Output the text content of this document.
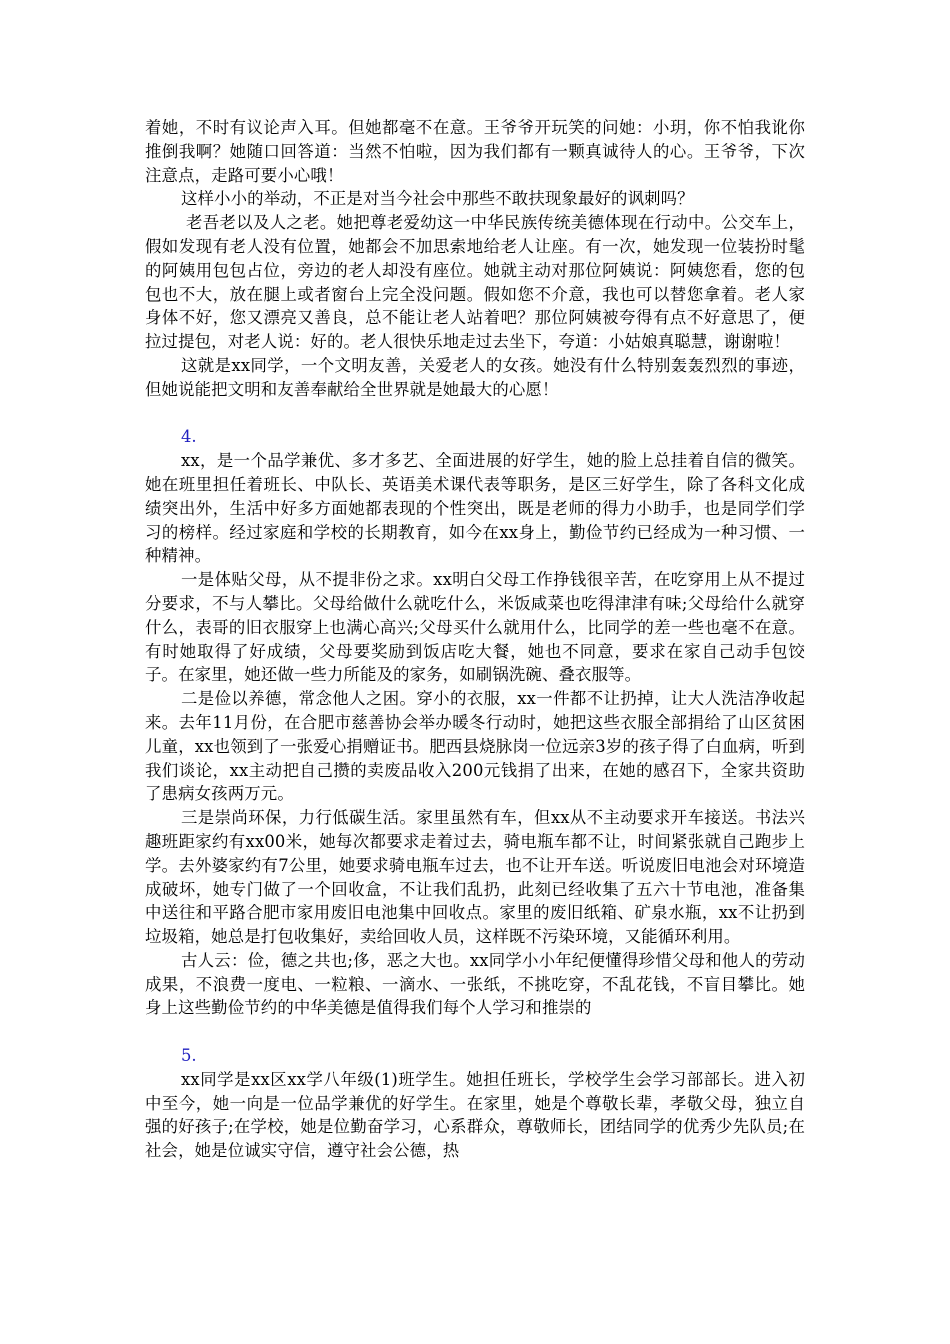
着她，不时有议论声入耳。但她都毫不在意。王爷爷开玩笑的问她：小玥，你不怕我讹你推倒我啊？她随口回答道：当然不怕啦，因为我们都有一颗真诚待人的心。王爷爷，下次注意点，走路可要小心哦！

这样小小的举动，不正是对当今社会中那些不敢扶现象最好的讽刺吗？

老吾老以及人之老。她把尊老爱幼这一中华民族传统美德体现在行动中。公交车上，假如发现有老人没有位置，她都会不加思索地给老人让座。有一次，她发现一位装扮时髦的阿姨用包包占位，旁边的老人却没有座位。她就主动对那位阿姨说：阿姨您看，您的包包也不大，放在腿上或者窗台上完全没问题。假如您不介意，我也可以替您拿着。老人家身体不好，您又漂亮又善良，总不能让老人站着吧？那位阿姨被夸得有点不好意思了，便拉过提包，对老人说：好的。老人很快乐地走过去坐下，夸道：小姑娘真聪慧，谢谢啦！

这就是xx同学，一个文明友善，关爱老人的女孩。她没有什么特别轰轰烈烈的事迹，但她说能把文明和友善奉献给全世界就是她最大的心愿！

4.

xx，是一个品学兼优、多才多艺、全面进展的好学生，她的脸上总挂着自信的微笑。她在班里担任着班长、中队长、英语美术课代表等职务，是区三好学生，除了各科文化成绩突出外，生活中好多方面她都表现的个性突出，既是老师的得力小助手，也是同学们学习的榜样。经过家庭和学校的长期教育，如今在xx身上，勤俭节约已经成为一种习惯、一种精神。

一是体贴父母，从不提非份之求。xx明白父母工作挣钱很辛苦，在吃穿用上从不提过分要求，不与人攀比。父母给做什么就吃什么，米饭咸菜也吃得津津有味;父母给什么就穿什么，表哥的旧衣服穿上也满心高兴;父母买什么就用什么，比同学的差一些也毫不在意。有时她取得了好成绩，父母要奖励到饭店吃大餐，她也不同意，要求在家自己动手包饺子。在家里，她还做一些力所能及的家务，如刷锅洗碗、叠衣服等。

二是俭以养德，常念他人之困。穿小的衣服，xx一件都不让扔掉，让大人洗洁净收起来。去年11月份，在合肥市慈善协会举办暖冬行动时，她把这些衣服全部捐给了山区贫困儿童，xx也领到了一张爱心捐赠证书。肥西县烧脉岗一位远亲3岁的孩子得了白血病，听到我们谈论，xx主动把自己攒的卖废品收入200元钱捐了出来，在她的感召下，全家共资助了患病女孩两万元。

三是崇尚环保，力行低碳生活。家里虽然有车，但xx从不主动要求开车接送。书法兴趣班距家约有xx00米，她每次都要求走着过去，骑电瓶车都不让，时间紧张就自己跑步上学。去外婆家约有7公里，她要求骑电瓶车过去，也不让开车送。听说废旧电池会对环境造成破坏，她专门做了一个回收盒，不让我们乱扔，此刻已经收集了五六十节电池，准备集中送往和平路合肥市家用废旧电池集中回收点。家里的废旧纸箱、矿泉水瓶，xx不让扔到垃圾箱，她总是打包收集好，卖给回收人员，这样既不污染环境，又能循环利用。

古人云：俭，德之共也;侈，恶之大也。xx同学小小年纪便懂得珍惜父母和他人的劳动成果，不浪费一度电、一粒粮、一滴水、一张纸，不挑吃穿，不乱花钱，不盲目攀比。她身上这些勤俭节约的中华美德是值得我们每个人学习和推崇的

5.

xx同学是xx区xx学八年级(1)班学生。她担任班长，学校学生会学习部部长。进入初中至今，她一向是一位品学兼优的好学生。在家里，她是个尊敬长辈，孝敬父母，独立自强的好孩子;在学校，她是位勤奋学习，心系群众，尊敬师长，团结同学的优秀少先队员;在社会，她是位诚实守信，遵守社会公德，热
